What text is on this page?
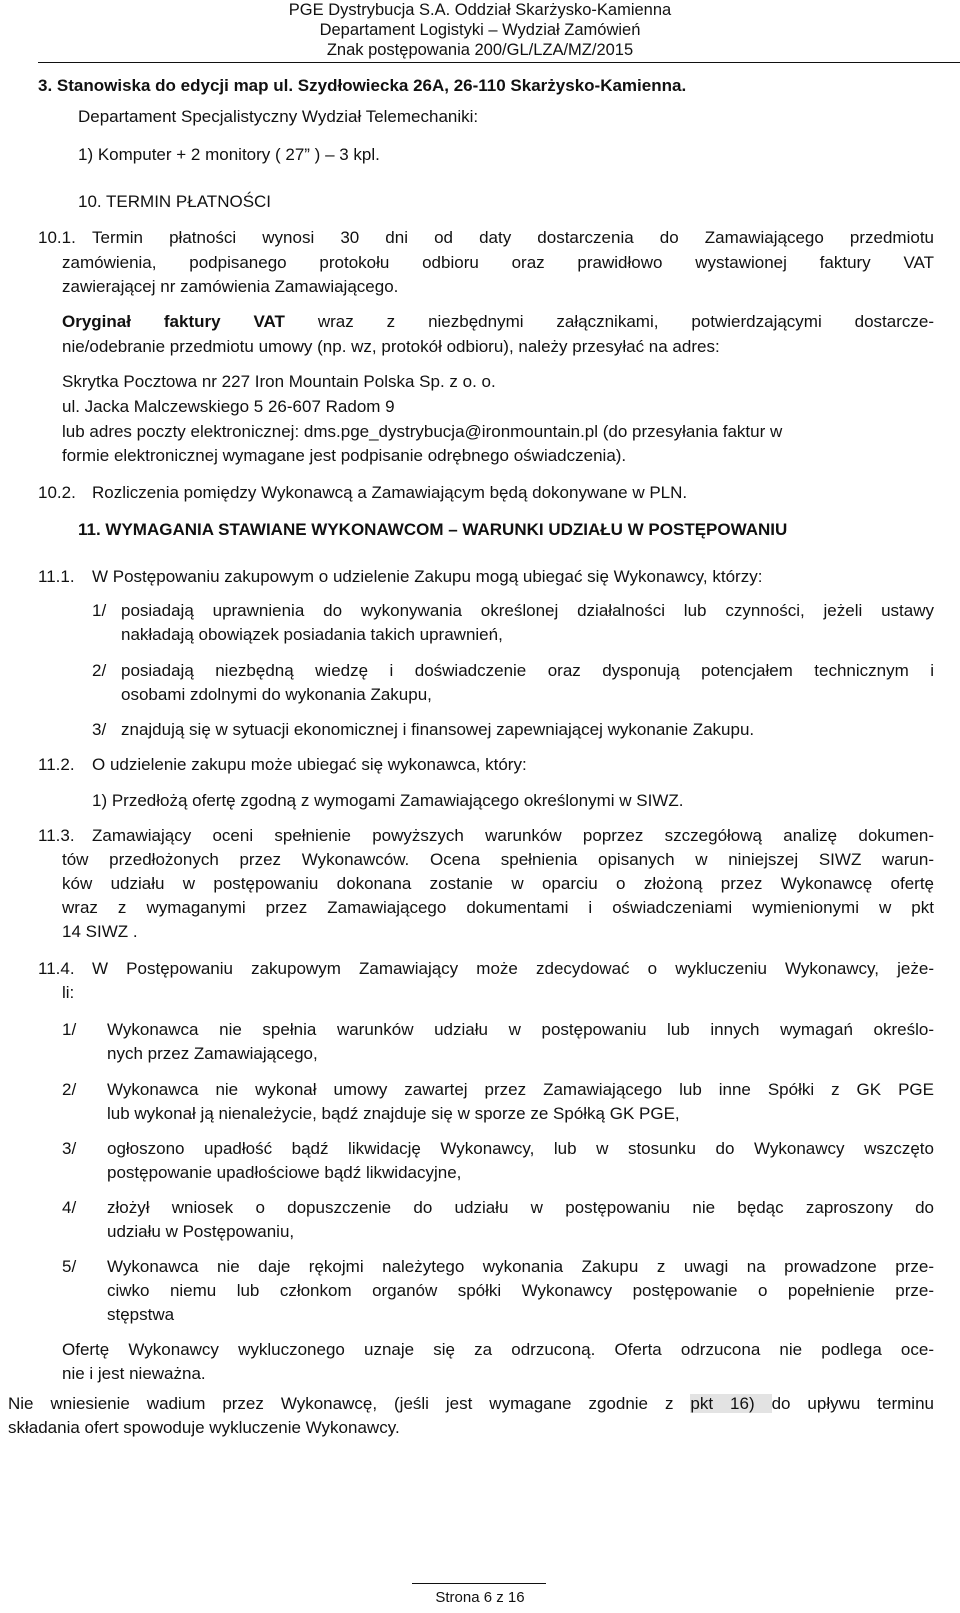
PGE Dystrybucja S.A. Oddział Skarżysko-Kamienna
Departament Logistyki – Wydział Zamówień
Znak postępowania 200/GL/LZA/MZ/2015
3. Stanowiska do edycji map ul. Szydłowiecka 26A, 26-110 Skarżysko-Kamienna.
Departament Specjalistyczny Wydział Telemechaniki:
1) Komputer + 2 monitory ( 27” ) – 3 kpl.
10. TERMIN PŁATNOŚCI
10.1. Termin płatności wynosi 30 dni od daty dostarczenia do Zamawiającego przedmiotu
zamówienia, podpisanego protokołu odbioru oraz prawidłowo wystawionej faktury VAT
zawierającej nr zamówienia Zamawiającego.
Oryginał faktury VAT wraz z niezbędnymi załącznikami, potwierdzającymi dostarcze-
nie/odebranie przedmiotu umowy (np. wz, protokół odbioru), należy przesyłać na adres:
Skrytka Pocztowa nr 227 Iron Mountain Polska Sp. z o. o.
ul. Jacka Malczewskiego 5 26-607 Radom 9
lub adres poczty elektronicznej: dms.pge_dystrybucja@ironmountain.pl (do przesyłania faktur w
formie elektronicznej wymagane jest podpisanie odrębnego oświadczenia).
10.2. Rozliczenia pomiędzy Wykonawcą a Zamawiającym będą dokonywane w PLN.
11. WYMAGANIA STAWIANE WYKONAWCOM – WARUNKI UDZIAŁU W POSTĘPOWANIU
11.1. W Postępowaniu zakupowym o udzielenie Zakupu mogą ubiegać się Wykonawcy, którzy:
1/ posiadają uprawnienia do wykonywania określonej działalności lub czynności, jeżeli ustawy
nakładają obowiązek posiadania takich uprawnień,
2/ posiadają niezbędną wiedzę i doświadczenie oraz dysponują potencjałem technicznym i
osobami zdolnymi do wykonania Zakupu,
3/ znajdują się w sytuacji ekonomicznej i finansowej zapewniającej wykonanie Zakupu.
11.2. O udzielenie zakupu może ubiegać się wykonawca, który:
1) Przedłożą ofertę zgodną z wymogami Zamawiającego określonymi w SIWZ.
11.3. Zamawiający oceni spełnienie powyższych warunków poprzez szczegółową analizę dokumen-
tów przedłożonych przez Wykonawców. Ocena spełnienia opisanych w niniejszej SIWZ warun-
ków udziału w postępowaniu dokonana zostanie w oparciu o złożoną przez Wykonawcę ofertę
wraz z wymaganymi przez Zamawiającego dokumentami i oświadczeniami wymienionymi w pkt
14 SIWZ .
11.4. W Postępowaniu zakupowym Zamawiający może zdecydować o wykluczeniu Wykonawcy, jeże-
li:
1/ Wykonawca nie spełnia warunków udziału w postępowaniu lub innych wymagań określo-
nych przez Zamawiającego,
2/ Wykonawca nie wykonał umowy zawartej przez Zamawiającego lub inne Spółki z GK PGE
lub wykonał ją nienależycie, bądź znajduje się w sporze ze Spółką GK PGE,
3/ ogłoszono upadłość bądź likwidację Wykonawcy, lub w stosunku do Wykonawcy wszczęto
postępowanie upadłościowe bądź likwidacyjne,
4/ złożył wniosek o dopuszczenie do udziału w postępowaniu nie będąc zaproszony do
udziału w Postępowaniu,
5/ Wykonawca nie daje rękojmi należytego wykonania Zakupu z uwagi na prowadzone prze-
ciwko niemu lub członkom organów spółki Wykonawcy postępowanie o popełnienie prze-
stępstwa
Ofertę Wykonawcy wykluczonego uznaje się za odrzuconą. Oferta odrzucona nie podlega oce-
nie i jest nieważna.
Nie wniesienie wadium przez Wykonawcę, (jeśli jest wymagane zgodnie z pkt 16) do upływu terminu
składania ofert spowoduje wykluczenie Wykonawcy.
Strona 6 z 16
